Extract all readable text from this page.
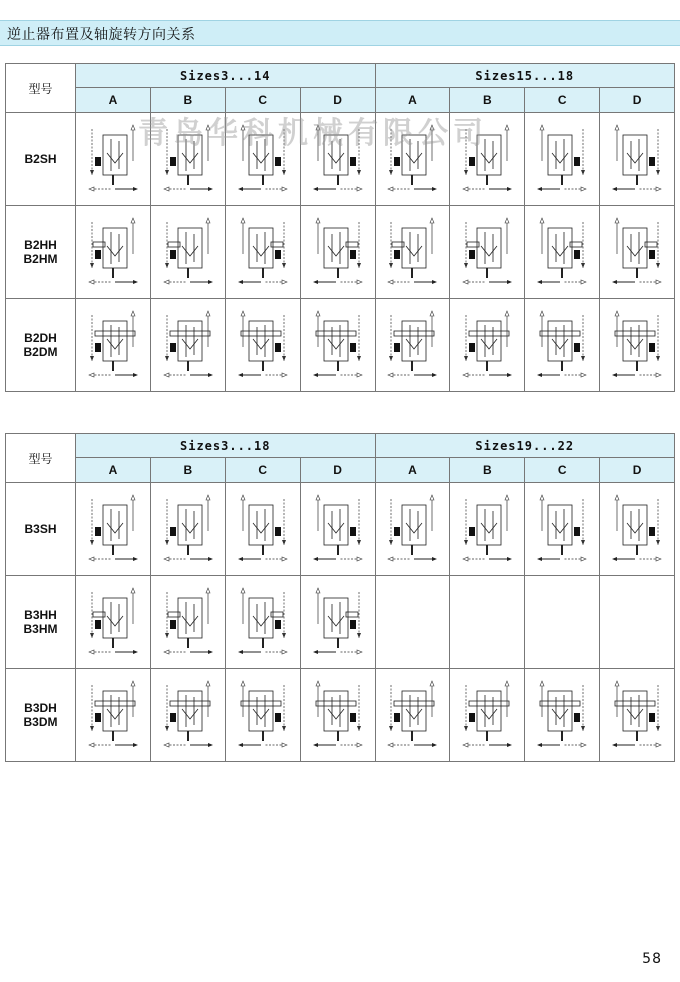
逆止器布置及轴旋转方向关系
型号	Sizes3...14				Sizes15...18			
	A	B	C	D	A	B	C	D
B2SH	

B2HH
B2HM	

B2DH
B2DM	

型号	Sizes3...18				Sizes19...22			
	A	B	C	D	A	B	C	D
B3SH	

B3HH
B3HM	

B3DH
B3DM	

青岛华科机械有限公司
58
